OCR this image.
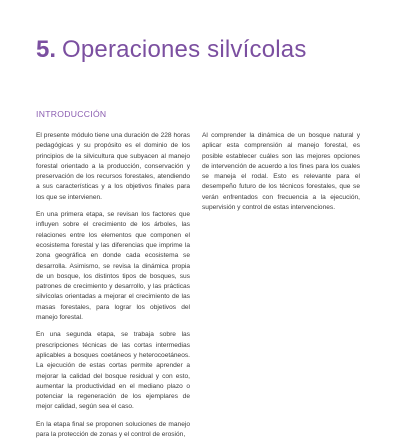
5. Operaciones silvícolas
INTRODUCCIÓN

El presente módulo tiene una duración de 228 horas pedagógicas y su propósito es el dominio de los principios de la silvicultura que subyacen al manejo forestal orientado a la producción, conservación y preservación de los recursos forestales, atendiendo a sus características y a los objetivos finales para los que se intervienen.

En una primera etapa, se revisan los factores que influyen sobre el crecimiento de los árboles, las relaciones entre los elementos que componen el ecosistema forestal y las diferencias que imprime la zona geográfica en donde cada ecosistema se desarrolla. Asimismo, se revisa la dinámica propia de un bosque, los distintos tipos de bosques, sus patrones de crecimiento y desarrollo, y las prácticas silvícolas orientadas a mejorar el crecimiento de las masas forestales, para lograr los objetivos del manejo forestal.

En una segunda etapa, se trabaja sobre las prescripciones técnicas de las cortas intermedias aplicables a bosques coetáneos y heterocoetáneos. La ejecución de estas cortas permite aprender a mejorar la calidad del bosque residual y con esto, aumentar la productividad en el mediano plazo o potenciar la regeneración de los ejemplares de mejor calidad, según sea el caso.

En la etapa final se proponen soluciones de manejo para la protección de zonas y el control de erosión,

Al comprender la dinámica de un bosque natural y aplicar esta comprensión al manejo forestal, es posible establecer cuáles son las mejores opciones de intervención de acuerdo a los fines para los cuales se maneja el rodal. Esto es relevante para el desempeño futuro de los técnicos forestales, que se verán enfrentados con frecuencia a la ejecución, supervisión y control de estas intervenciones.
